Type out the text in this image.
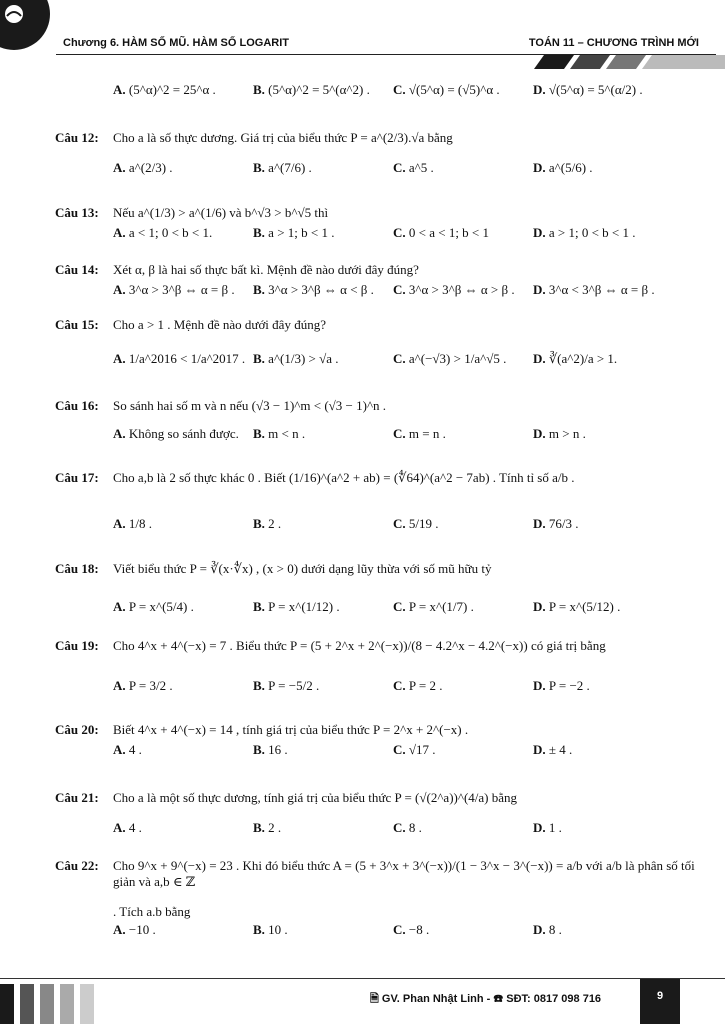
Chương 6. HÀM SỐ MŨ. HÀM SỐ LOGARIT	TOÁN 11 – CHƯƠNG TRÌNH MỚI
A. (5^α)^2 = 25^α .	B. (5^α)^2 = 5^(α^2) .	C. √(5^α) = (√5)^α .	D. √(5^α) = 5^(α/2) .
Câu 12:	Cho a là số thực dương. Giá trị của biểu thức P = a^(2/3).√a bằng
A. a^(2/3) .	B. a^(7/6) .	C. a^5 .	D. a^(5/6) .
Câu 13:	Nếu a^(1/3) > a^(1/6) và b^√3 > b^√5 thì
A. a < 1; 0 < b < 1.	B. a > 1; b < 1 .	C. 0 < a < 1; b < 1	D. a > 1; 0 < b < 1 .
Câu 14:	Xét α, β là hai số thực bất kì. Mệnh đề nào dưới đây đúng?
A. 3^α > 3^β ⇔ α = β .	B. 3^α > 3^β ⇔ α < β .	C. 3^α > 3^β ⇔ α > β .	D. 3^α < 3^β ⇔ α = β .
Câu 15:	Cho a > 1 . Mệnh đề nào dưới đây đúng?
A. 1/a^2016 < 1/a^2017 . B. a^(1/3) > √a .	C. a^(−√3) > 1/a^√5 .	D. ∛(a^2)/a > 1.
Câu 16:	So sánh hai số m và n nếu (√3 − 1)^m < (√3 − 1)^n .
A. Không so sánh được.	B. m < n .	C. m = n .	D. m > n .
Câu 17:	Cho a,b là 2 số thực khác 0 . Biết (1/16)^(a^2 + ab) = (∜64)^(a^2 − 7ab) . Tính tỉ số a/b .
A. 1/8 .	B. 2 .	C. 5/19 .	D. 76/3 .
Câu 18:	Viết biểu thức P = ∛(x·∜x) , (x > 0) dưới dạng lũy thừa với số mũ hữu tỷ
A. P = x^(5/4) .	B. P = x^(1/12) .	C. P = x^(1/7) .	D. P = x^(5/12) .
Câu 19:	Cho 4^x + 4^(−x) = 7 . Biểu thức P = (5 + 2^x + 2^(−x))/(8 − 4.2^x − 4.2^(−x)) có giá trị bằng
A. P = 3/2 .	B. P = −5/2 .	C. P = 2 .	D. P = −2 .
Câu 20:	Biết 4^x + 4^(−x) = 14 , tính giá trị của biểu thức P = 2^x + 2^(−x) .
A. 4 .	B. 16 .	C. √17 .	D. ± 4 .
Câu 21:	Cho a là một số thực dương, tính giá trị của biểu thức P = (√(2^a))^(4/a) bằng
A. 4 .	B. 2 .	C. 8 .	D. 1 .
Câu 22:	Cho 9^x + 9^(−x) = 23 . Khi đó biểu thức A = (5 + 3^x + 3^(−x))/(1 − 3^x − 3^(−x)) = a/b với a/b là phân số tối giản và a,b ∈ ℤ
. Tích a.b bằng
A. −10 .	B. 10 .	C. −8 .	D. 8 .
🗎 GV. Phan Nhật Linh - ☎ SĐT: 0817 098 716	9
